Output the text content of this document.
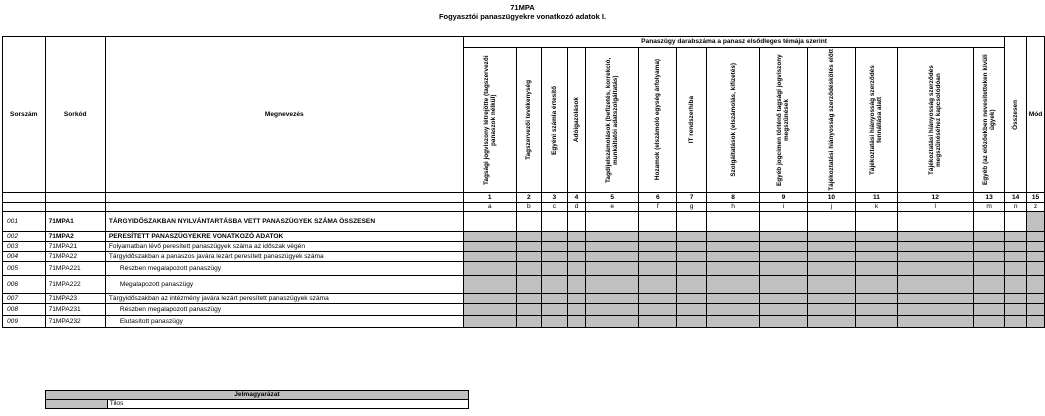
71MPA
Fogyasztói panaszügyekre vonatkozó adatok I.
Sorszám	Sorkód	Megnevezés	Panaszügy darabszáma a panasz elsődleges témája szerint													Összesen	Mód

			Tagsági jogviszony létrejötte (tagszervezői panaszok nélkül)	Tagszervezői tevékenység	Egyéni számla értesítő	Adóigazolások	Tagdíjelszámolások (befizetés, korrekció, munkáltatói adatszolgáltatás)	Hozamok (elszámoló egység árfolyama)	IT rendszerhiba	Szolgáltatások (elszámolás, kifizetés)	Egyéb jogcímen történő tagsági jogviszony megszűnések	Tájékoztatási hiányosság szerződéskötés előtt	Tájékoztatási hiányosság szerződés fennállása alatt	Tájékoztatási hiányosság szerződés megszűnéséhez kapcsolódóan	Egyéb (az előzőekben nevesítetteken kívüli ügyek)		

			1	2	3	4	5	6	7	8	9	10	11	12	13	14	15
			a	b	c	d	e	f	g	h	i	j	k	l	m	n	z
001	71MPA1	TÁRGYIDŐSZAKBAN NYILVÁNTARTÁSBA VETT PANASZÜGYEK SZÁMA ÖSSZESEN															
002	71MPA2	PERESÍTETT PANASZÜGYEKRE VONATKOZÓ ADATOK															
003	71MPA21	Folyamatban lévő peresített panaszügyek száma az időszak végén															
004	71MPA22	Tárgyidőszakban a panaszos javára lezárt peresített panaszügyek száma															
005	71MPA221	Részben megalapozott panaszügy															
006	71MPA222	Megalapozott panaszügy															
007	71MPA23	Tárgyidőszakban az intézmény javára lezárt peresített panaszügyek száma															
008	71MPA231	Részben megalapozott panaszügy															
009	71MPA232	Elutasított panaszügy															
Jelmagyarázat
	Tilos
